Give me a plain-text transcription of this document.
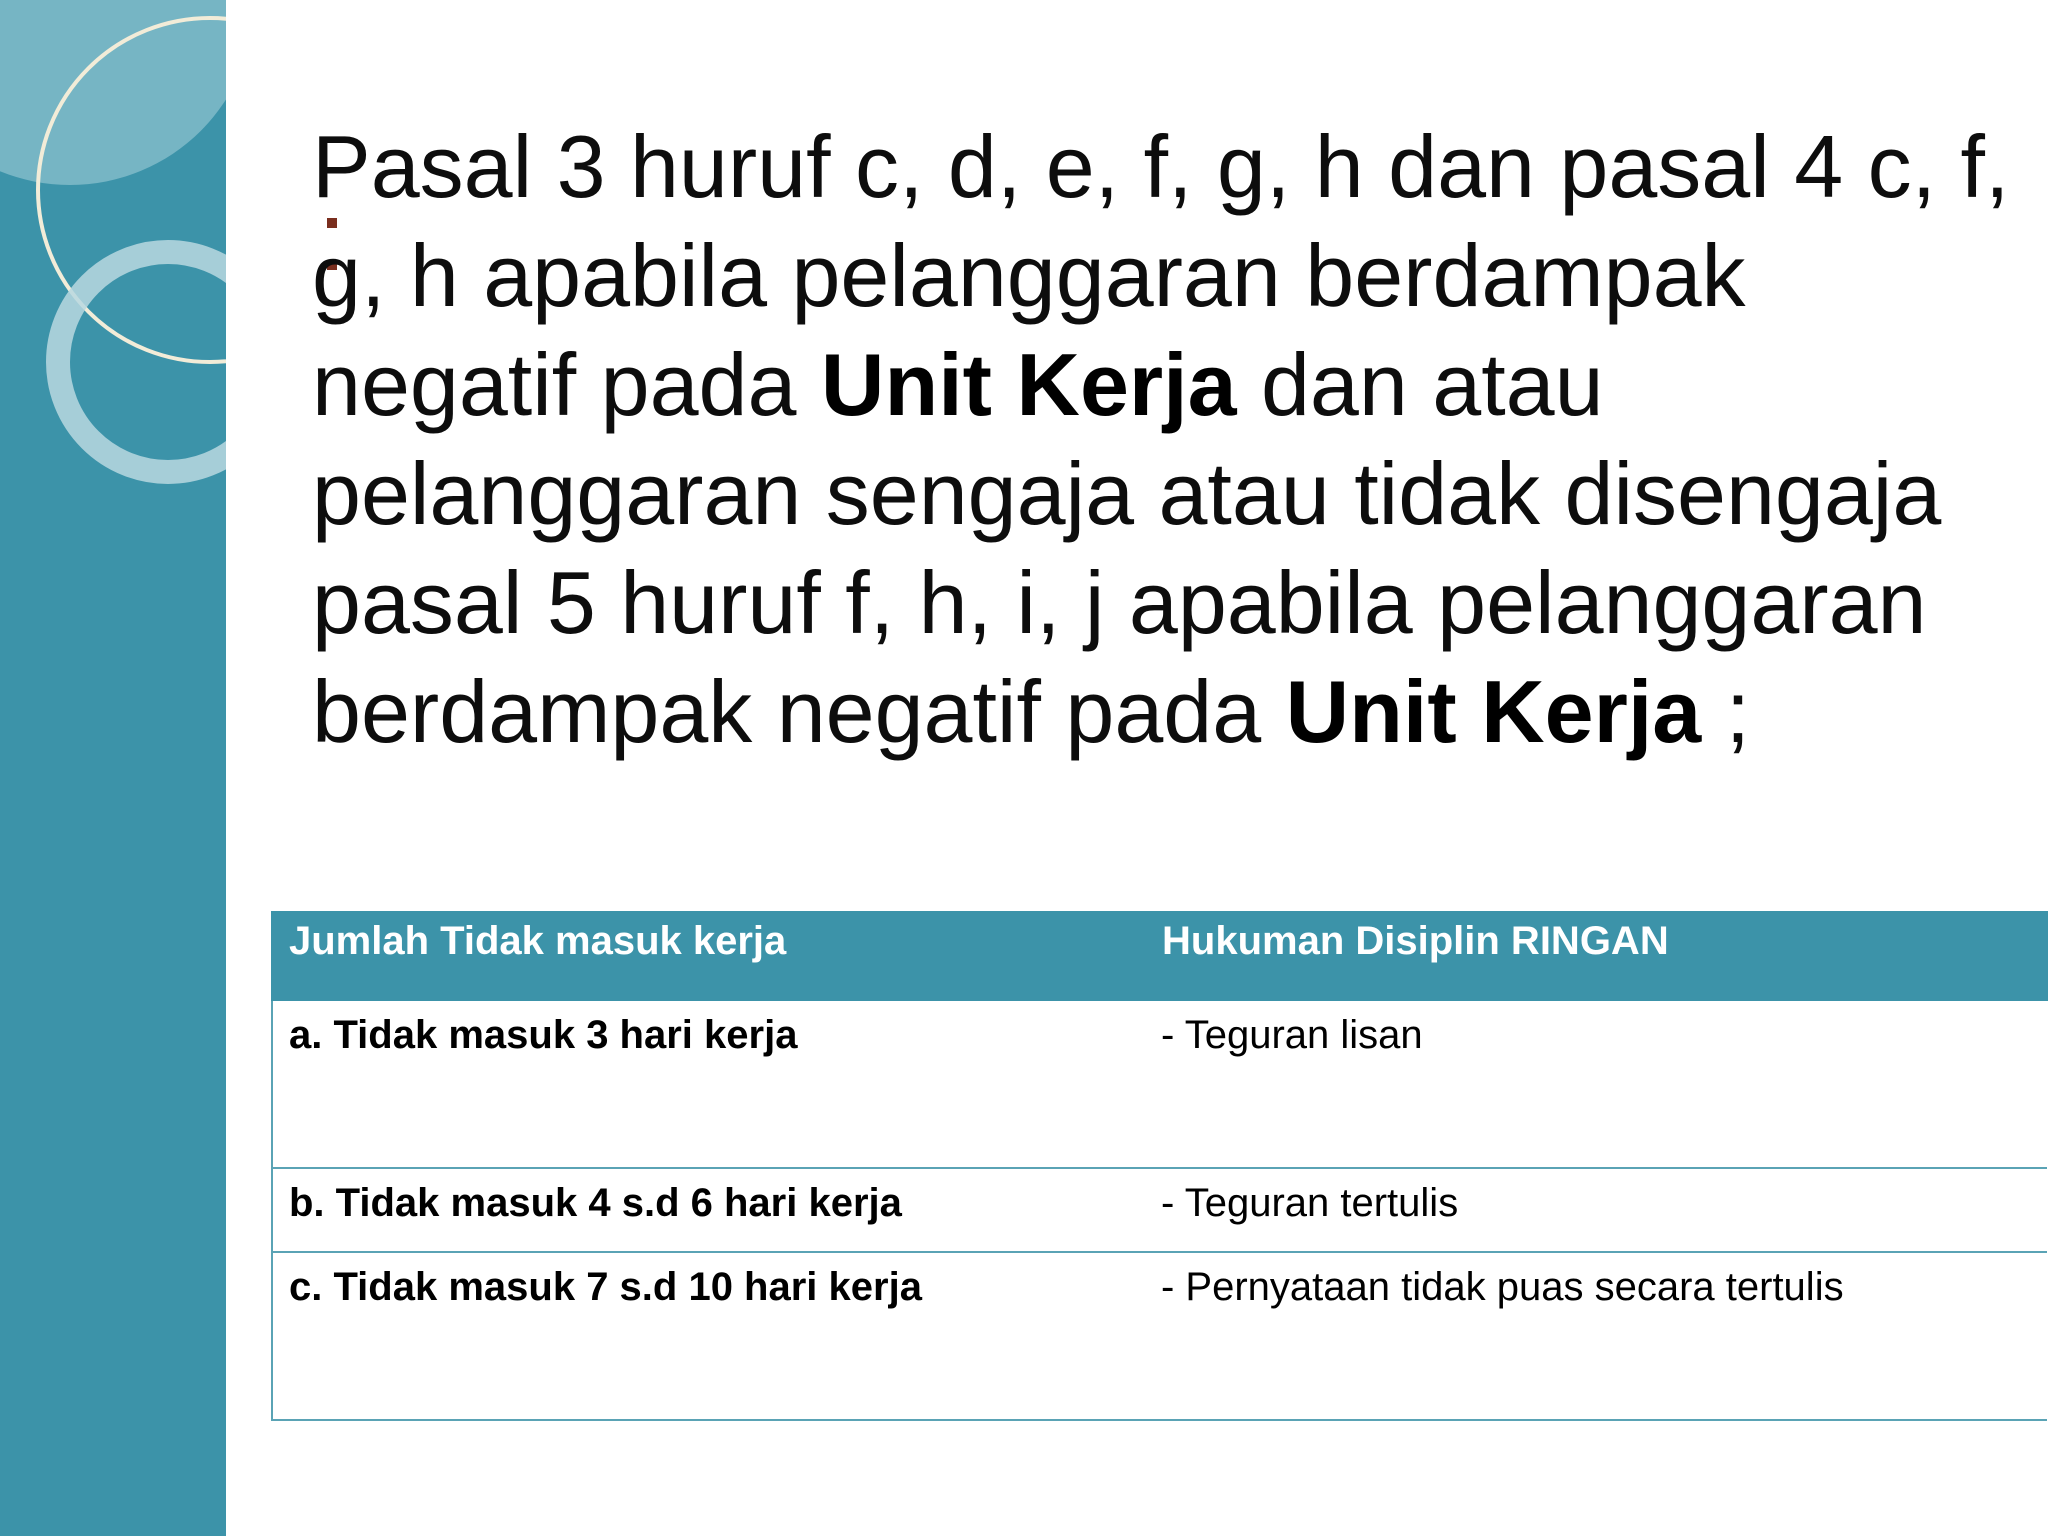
Pasal 3 huruf c, d, e, f, g, h dan pasal 4 c, f, g, h apabila pelanggaran berdampak negatif pada Unit Kerja dan atau pelanggaran sengaja atau tidak disengaja pasal 5 huruf f, h, i, j apabila pelanggaran berdampak negatif pada Unit Kerja ;

Jumlah Tidak masuk kerja	Hukuman Disiplin RINGAN
a. Tidak masuk 3 hari kerja	- Teguran lisan
b. Tidak masuk 4 s.d 6 hari kerja	- Teguran tertulis
c. Tidak masuk 7 s.d 10 hari kerja	- Pernyataan tidak puas secara tertulis
